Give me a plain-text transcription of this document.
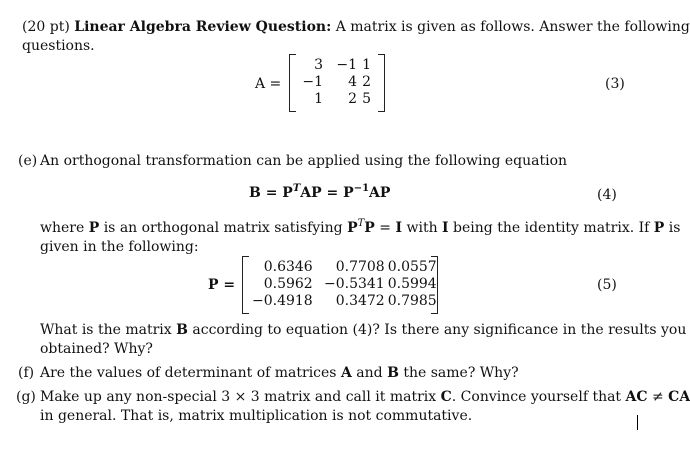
(20 pt) Linear Algebra Review Question: A matrix is given as follows. Answer the following
questions.
A =
3	−1	1
−1	4	2
1	2	5
(3)
(e) An orthogonal transformation can be applied using the following equation
$B = P^TAP = P^{-1}AP$	(4)
where P is an orthogonal matrix satisfying $P^TP = I$ with I being the identity matrix. If P is
given in the following:
P =
0.6346	0.7708	0.0557
0.5962	−0.5341	0.5994
−0.4918	0.3472	0.7985
(5)
What is the matrix B according to equation (4)? Is there any significance in the results you
obtained? Why?
(f) Are the values of determinant of matrices A and B the same? Why?
(g) Make up any non-special 3 × 3 matrix and call it matrix C. Convince yourself that AC ≠ CA
in general. That is, matrix multiplication is not commutative.
